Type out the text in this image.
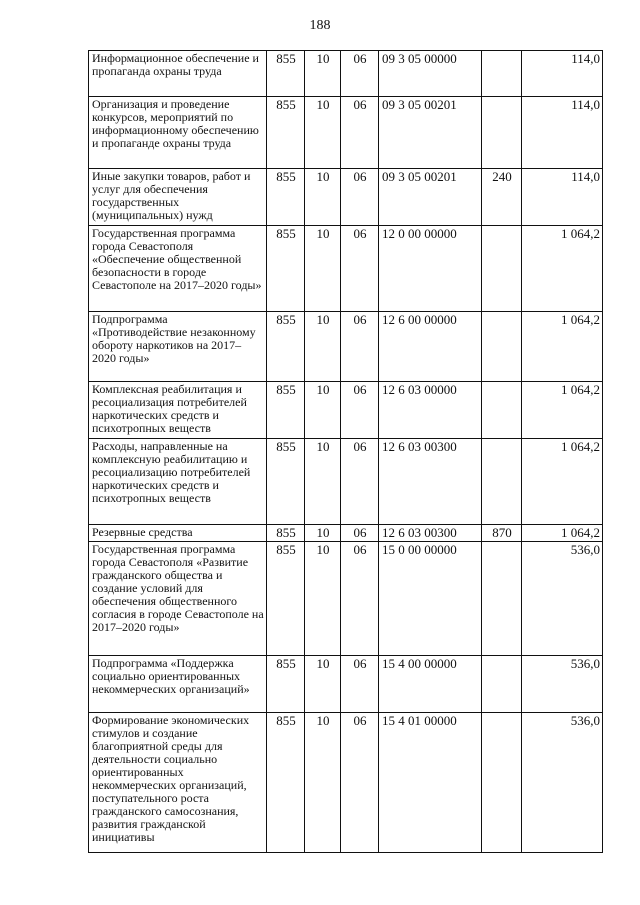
188
Информационное обеспечение и пропаганда охраны труда	855	10	06	09 3 05 00000		114,0
Организация и проведение конкурсов, мероприятий по информационному обеспечению и пропаганде охраны труда	855	10	06	09 3 05 00201		114,0
Иные закупки товаров, работ и услуг для обеспечения государственных (муниципальных) нужд	855	10	06	09 3 05 00201	240	114,0
Государственная программа города Севастополя «Обеспечение общественной безопасности в городе Севастополе на 2017–2020 годы»	855	10	06	12 0 00 00000		1 064,2
Подпрограмма «Противодействие незаконному обороту наркотиков на 2017–2020 годы»	855	10	06	12 6 00 00000		1 064,2
Комплексная реабилитация и ресоциализация потребителей наркотических средств и психотропных веществ	855	10	06	12 6 03 00000		1 064,2
Расходы, направленные на комплексную реабилитацию и ресоциализацию потребителей наркотических средств и психотропных веществ	855	10	06	12 6 03 00300		1 064,2
Резервные средства	855	10	06	12 6 03 00300	870	1 064,2
Государственная программа города Севастополя «Развитие гражданского общества и создание условий для обеспечения общественного согласия в городе Севастополе на 2017–2020 годы»	855	10	06	15 0 00 00000		536,0
Подпрограмма «Поддержка социально ориентированных некоммерческих организаций»	855	10	06	15 4 00 00000		536,0
Формирование экономических стимулов и создание благоприятной среды для деятельности социально ориентированных некоммерческих организаций, поступательного роста гражданского самосознания, развития гражданской инициативы	855	10	06	15 4 01 00000		536,0
